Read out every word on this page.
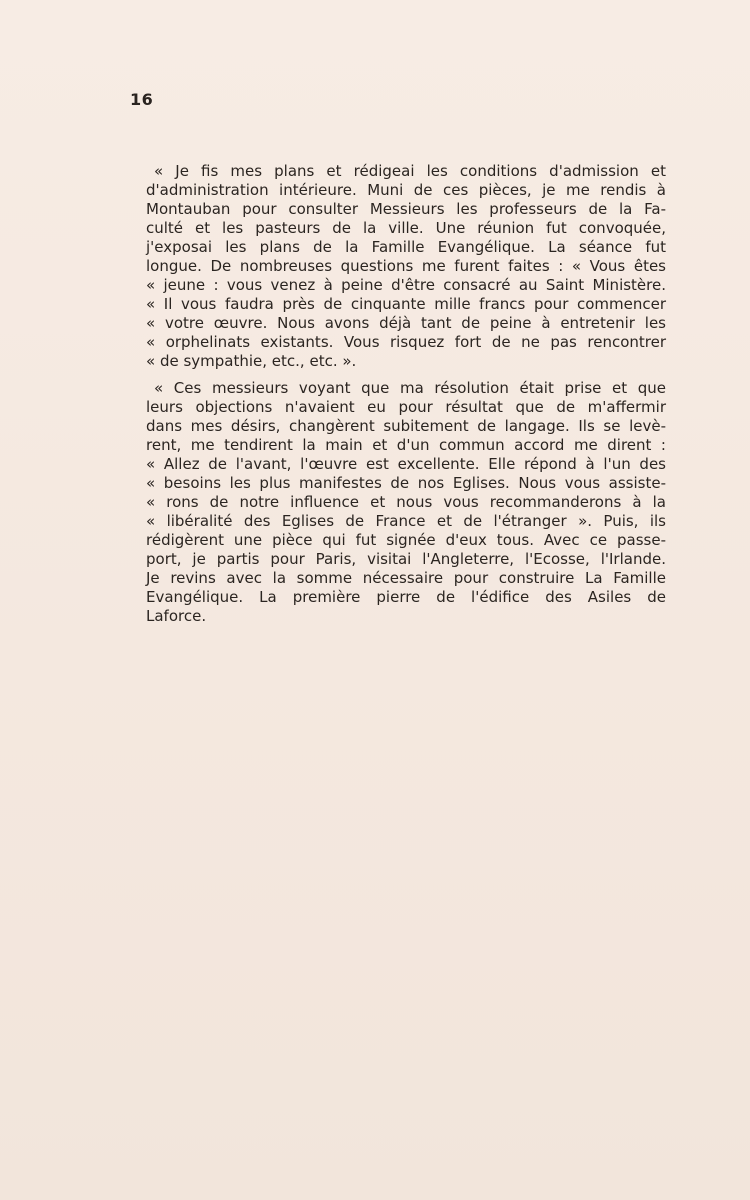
16

« Je fis mes plans et rédigeai les conditions d'admission et
d'administration intérieure. Muni de ces pièces, je me rendis à
Montauban pour consulter Messieurs les professeurs de la Fa-
culté et les pasteurs de la ville. Une réunion fut convoquée,
j'exposai les plans de la Famille Evangélique. La séance fut
longue. De nombreuses questions me furent faites : « Vous êtes
« jeune : vous venez à peine d'être consacré au Saint Ministère.
« Il vous faudra près de cinquante mille francs pour commencer
« votre œuvre. Nous avons déjà tant de peine à entretenir les
« orphelinats existants. Vous risquez fort de ne pas rencontrer
« de sympathie, etc., etc. ».

« Ces messieurs voyant que ma résolution était prise et que
leurs objections n'avaient eu pour résultat que de m'affermir
dans mes désirs, changèrent subitement de langage. Ils se levè-
rent, me tendirent la main et d'un commun accord me dirent :
« Allez de l'avant, l'œuvre est excellente. Elle répond à l'un des
« besoins les plus manifestes de nos Eglises. Nous vous assiste-
« rons de notre influence et nous vous recommanderons à la
« libéralité des Eglises de France et de l'étranger ». Puis, ils
rédigèrent une pièce qui fut signée d'eux tous. Avec ce passe-
port, je partis pour Paris, visitai l'Angleterre, l'Ecosse, l'Irlande.
Je revins avec la somme nécessaire pour construire La Famille
Evangélique. La première pierre de l'édifice des Asiles de
Laforce.
